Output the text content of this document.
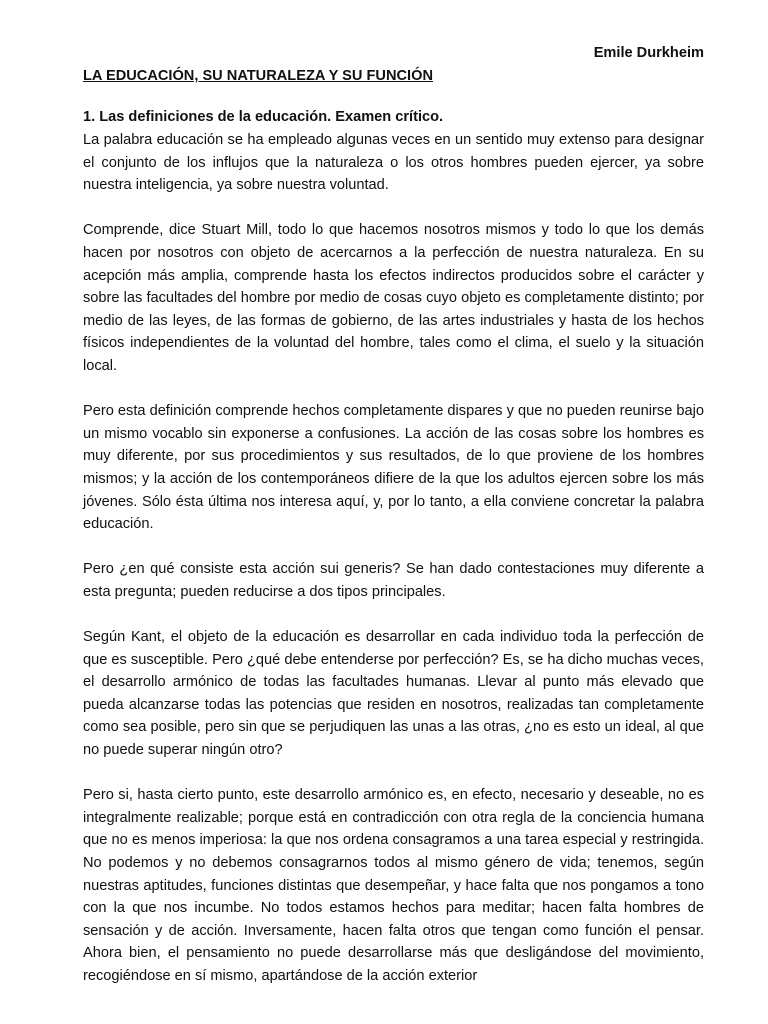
Emile Durkheim
LA EDUCACIÓN, SU NATURALEZA Y SU FUNCIÓN
1. Las definiciones de la educación. Examen crítico.

La palabra educación se ha empleado algunas veces en un sentido muy extenso para designar el conjunto de los influjos que la naturaleza o los otros hombres pueden ejercer, ya sobre nuestra inteligencia, ya sobre nuestra voluntad.

Comprende, dice Stuart Mill, todo lo que hacemos nosotros mismos y todo lo que los demás hacen por nosotros con objeto de acercarnos a la perfección de nuestra naturaleza. En su acepción más amplia, comprende hasta los efectos indirectos producidos sobre el carácter y sobre las facultades del hombre por medio de cosas cuyo objeto es completamente distinto; por medio de las leyes, de las formas de gobierno, de las artes industriales y hasta de los hechos físicos independientes de la voluntad del hombre, tales como el clima, el suelo y la situación local.

Pero esta definición comprende hechos completamente dispares y que no pueden reunirse bajo un mismo vocablo sin exponerse a confusiones. La acción de las cosas sobre los hombres es muy diferente, por sus procedimientos y sus resultados, de lo que proviene de los hombres mismos; y la acción de los contemporáneos difiere de la que los adultos ejercen sobre los más jóvenes. Sólo ésta última nos interesa aquí, y, por lo tanto, a ella conviene concretar la palabra educación.

Pero ¿en qué consiste esta acción sui generis? Se han dado contestaciones muy diferente a esta pregunta; pueden reducirse a dos tipos principales.

Según Kant, el objeto de la educación es desarrollar en cada individuo toda la perfección de que es susceptible. Pero ¿qué debe entenderse por perfección? Es, se ha dicho muchas veces, el desarrollo armónico de todas las facultades humanas. Llevar al punto más elevado que pueda alcanzarse todas las potencias que residen en nosotros, realizadas tan completamente como sea posible, pero sin que se perjudiquen las unas a las otras, ¿no es esto un ideal, al que no puede superar ningún otro?

Pero si, hasta cierto punto, este desarrollo armónico es, en efecto, necesario y deseable, no es integralmente realizable; porque está en contradicción con otra regla de la conciencia humana que no es menos imperiosa: la que nos ordena consagramos a una tarea especial y restringida. No podemos y no debemos consagrarnos todos al mismo género de vida; tenemos, según nuestras aptitudes, funciones distintas que desempeñar, y hace falta que nos pongamos a tono con la que nos incumbe. No todos estamos hechos para meditar; hacen falta hombres de sensación y de acción. Inversamente, hacen falta otros que tengan como función el pensar. Ahora bien, el pensamiento no puede desarrollarse más que desligándose del movimiento, recogiéndose en sí mismo, apartándose de la acción exterior
